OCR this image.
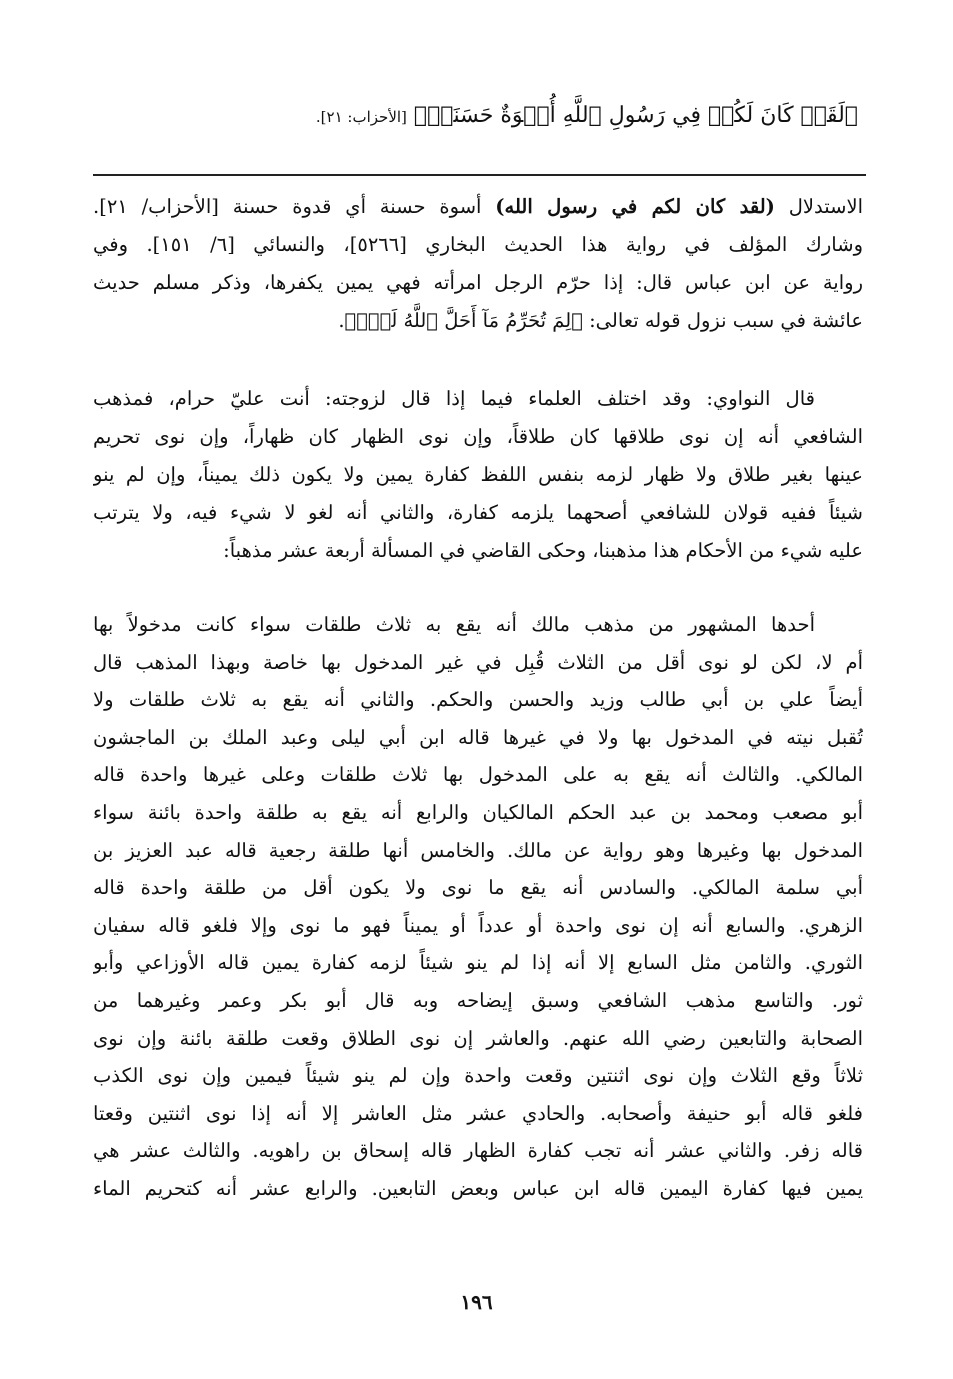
﴿لَقَدۡ كَانَ لَكُمۡ فِي رَسُولِ ٱللَّهِ أُسۡوَةٌ حَسَنَةٞ﴾ [الأحزاب: ٢١].
الاستدلال (لقد كان لكم في رسول الله) أسوة حسنة أي قدوة حسنة [الأحزاب/ ٢١].
وشارك المؤلف في رواية هذا الحديث البخاري [٥٢٦٦]، والنسائي [٦/ ١٥١]. وفي
رواية عن ابن عباس قال: إذا حرّم الرجل امرأته فهي يمين يكفرها، وذكر مسلم حديث
عائشة في سبب نزول قوله تعالى: ﴿لِمَ تُحَرِّمُ مَآ أَحَلَّ ٱللَّهُ لَكَۖ﴾.
قال النواوي: وقد اختلف العلماء فيما إذا قال لزوجته: أنت عليّ حرام، فمذهب
الشافعي أنه إن نوى طلاقها كان طلاقاً، وإن نوى الظهار كان ظهاراً، وإن نوى تحريم
عينها بغير طلاق ولا ظهار لزمه بنفس اللفظ كفارة يمين ولا يكون ذلك يميناً، وإن لم ينو
شيئاً ففيه قولان للشافعي أصحهما يلزمه كفارة، والثاني أنه لغو لا شيء فيه، ولا يترتب
عليه شيء من الأحكام هذا مذهبنا، وحكى القاضي في المسألة أربعة عشر مذهباً:
أحدها المشهور من مذهب مالك أنه يقع به ثلاث طلقات سواء كانت مدخولاً بها
أم لا، لكن لو نوى أقل من الثلاث قُبِل في غير المدخول بها خاصة وبهذا المذهب قال
أيضاً علي بن أبي طالب وزيد والحسن والحكم. والثاني أنه يقع به ثلاث طلقات ولا
تُقبل نيته في المدخول بها ولا في غيرها قاله ابن أبي ليلى وعبد الملك بن الماجشون
المالكي. والثالث أنه يقع به على المدخول بها ثلاث طلقات وعلى غيرها واحدة قاله
أبو مصعب ومحمد بن عبد الحكم المالكيان والرابع أنه يقع به طلقة واحدة بائنة سواء
المدخول بها وغيرها وهو رواية عن مالك. والخامس أنها طلقة رجعية قاله عبد العزيز بن
أبي سلمة المالكي. والسادس أنه يقع ما نوى ولا يكون أقل من طلقة واحدة قاله
الزهري. والسابع أنه إن نوى واحدة أو عدداً أو يميناً فهو ما نوى وإلا فلغو قاله سفيان
الثوري. والثامن مثل السابع إلا أنه إذا لم ينو شيئاً لزمه كفارة يمين قاله الأوزاعي وأبو
ثور. والتاسع مذهب الشافعي وسبق إيضاحه وبه قال أبو بكر وعمر وغيرهما من
الصحابة والتابعين رضي الله عنهم. والعاشر إن نوى الطلاق وقعت طلقة بائنة وإن نوى
ثلاثاً وقع الثلاث وإن نوى اثنتين وقعت واحدة وإن لم ينو شيئاً فيمين وإن نوى الكذب
فلغو قاله أبو حنيفة وأصحابه. والحادي عشر مثل العاشر إلا أنه إذا نوى اثنتين وقعتا
قاله زفر. والثاني عشر أنه تجب كفارة الظهار قاله إسحاق بن راهويه. والثالث عشر هي
يمين فيها كفارة اليمين قاله ابن عباس وبعض التابعين. والرابع عشر أنه كتحريم الماء
١٩٦
